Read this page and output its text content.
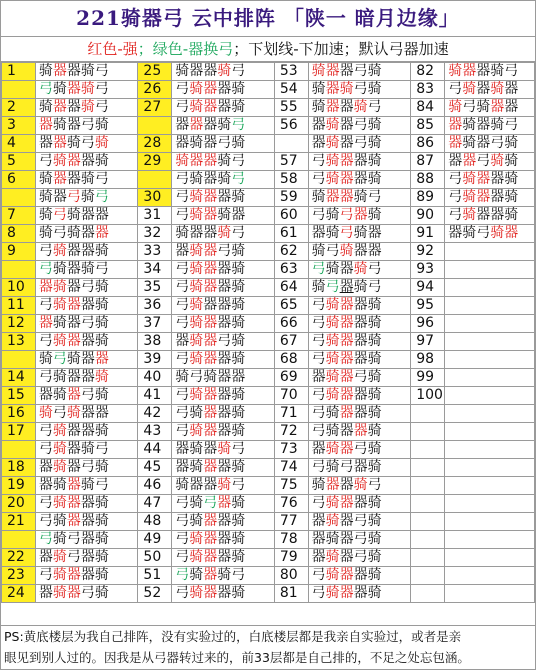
221骑器弓 云中排阵 「陕一 暗月边缘」
红色-强；绿色-器换弓；下划线-下加速；默认弓器加速
1	骑器器骑弓	25	骑器器骑弓	53	骑器器弓骑	82	骑器器骑弓
	弓骑器骑弓	26	弓骑器器骑	54	骑器骑弓骑	83	弓骑器骑器
2	骑器器骑弓	27	弓骑器器骑	55	骑器器骑弓	84	骑弓骑器器
3	器骑器弓骑		器器器骑弓	56	器骑器弓骑	85	器骑器骑弓
4	器器骑弓骑	28	器骑器弓骑		器骑器弓骑	86	器骑器弓骑
5	弓骑器器骑	29	骑器器骑弓	57	弓骑器器骑	87	器器弓骑骑
6	骑器器骑弓		弓骑器骑弓	58	弓骑器器骑	88	弓骑器器骑
	骑器弓骑弓	30	弓骑器器骑	59	骑器器骑弓	89	弓骑器器骑
7	骑弓骑器器	31	弓骑器骑器	60	弓骑弓器骑	90	弓骑器器骑
8	骑弓骑器器	32	骑器器骑弓	61	器骑弓骑器	91	器骑弓骑器
9	弓骑器器骑	33	器骑器弓骑	62	骑弓骑器器	92	
	弓骑器骑弓	34	弓骑器器骑	63	弓骑器骑弓	93	
10	器骑器弓骑	35	弓骑器器骑	64	骑弓器骑弓	94	
11	弓骑器器骑	36	弓骑器器骑	65	弓骑器器骑	95	
12	器骑器弓骑	37	弓骑器器骑	66	弓骑器器骑	96	
13	弓骑器器骑	38	器骑器弓骑	67	弓骑器器骑	97	
	骑弓骑器器	39	弓骑器器骑	68	弓骑器器骑	98	
14	弓骑器器骑	40	骑弓骑器器	69	器骑器弓骑	99	
15	器骑器弓骑	41	弓骑器器骑	70	弓骑器器骑	100	
16	骑弓骑器器	42	弓骑器器骑	71	弓骑器器骑		
17	弓骑器器骑	43	弓骑器器骑	72	弓骑器器骑		
	弓骑器骑弓	44	器骑器骑弓	73	器骑器弓骑		
18	器骑器弓骑	45	器骑器器骑	74	弓骑弓器骑		
19	器骑器骑弓	46	骑器器骑弓	75	骑器器骑弓		
20	弓骑器器骑	47	弓骑弓器骑	76	弓骑器器骑		
21	弓骑器器骑	48	弓骑器器骑	77	器骑器弓骑		
	弓骑弓器骑	49	弓骑器器骑	78	器骑器弓骑		
22	器骑弓器骑	50	弓骑器器骑	79	器骑器弓骑		
23	弓骑器器骑	51	弓骑器骑弓	80	弓骑器器骑		
24	器骑器弓骑	52	弓骑器器骑	81	弓骑器器骑		
PS:黄底楼层为我自己排阵，没有实验过的，白底楼层都是我亲自实验过，或者是亲
眼见到别人过的。因我是从弓器转过来的，前33层都是自己排的，不足之处忘包涵。
